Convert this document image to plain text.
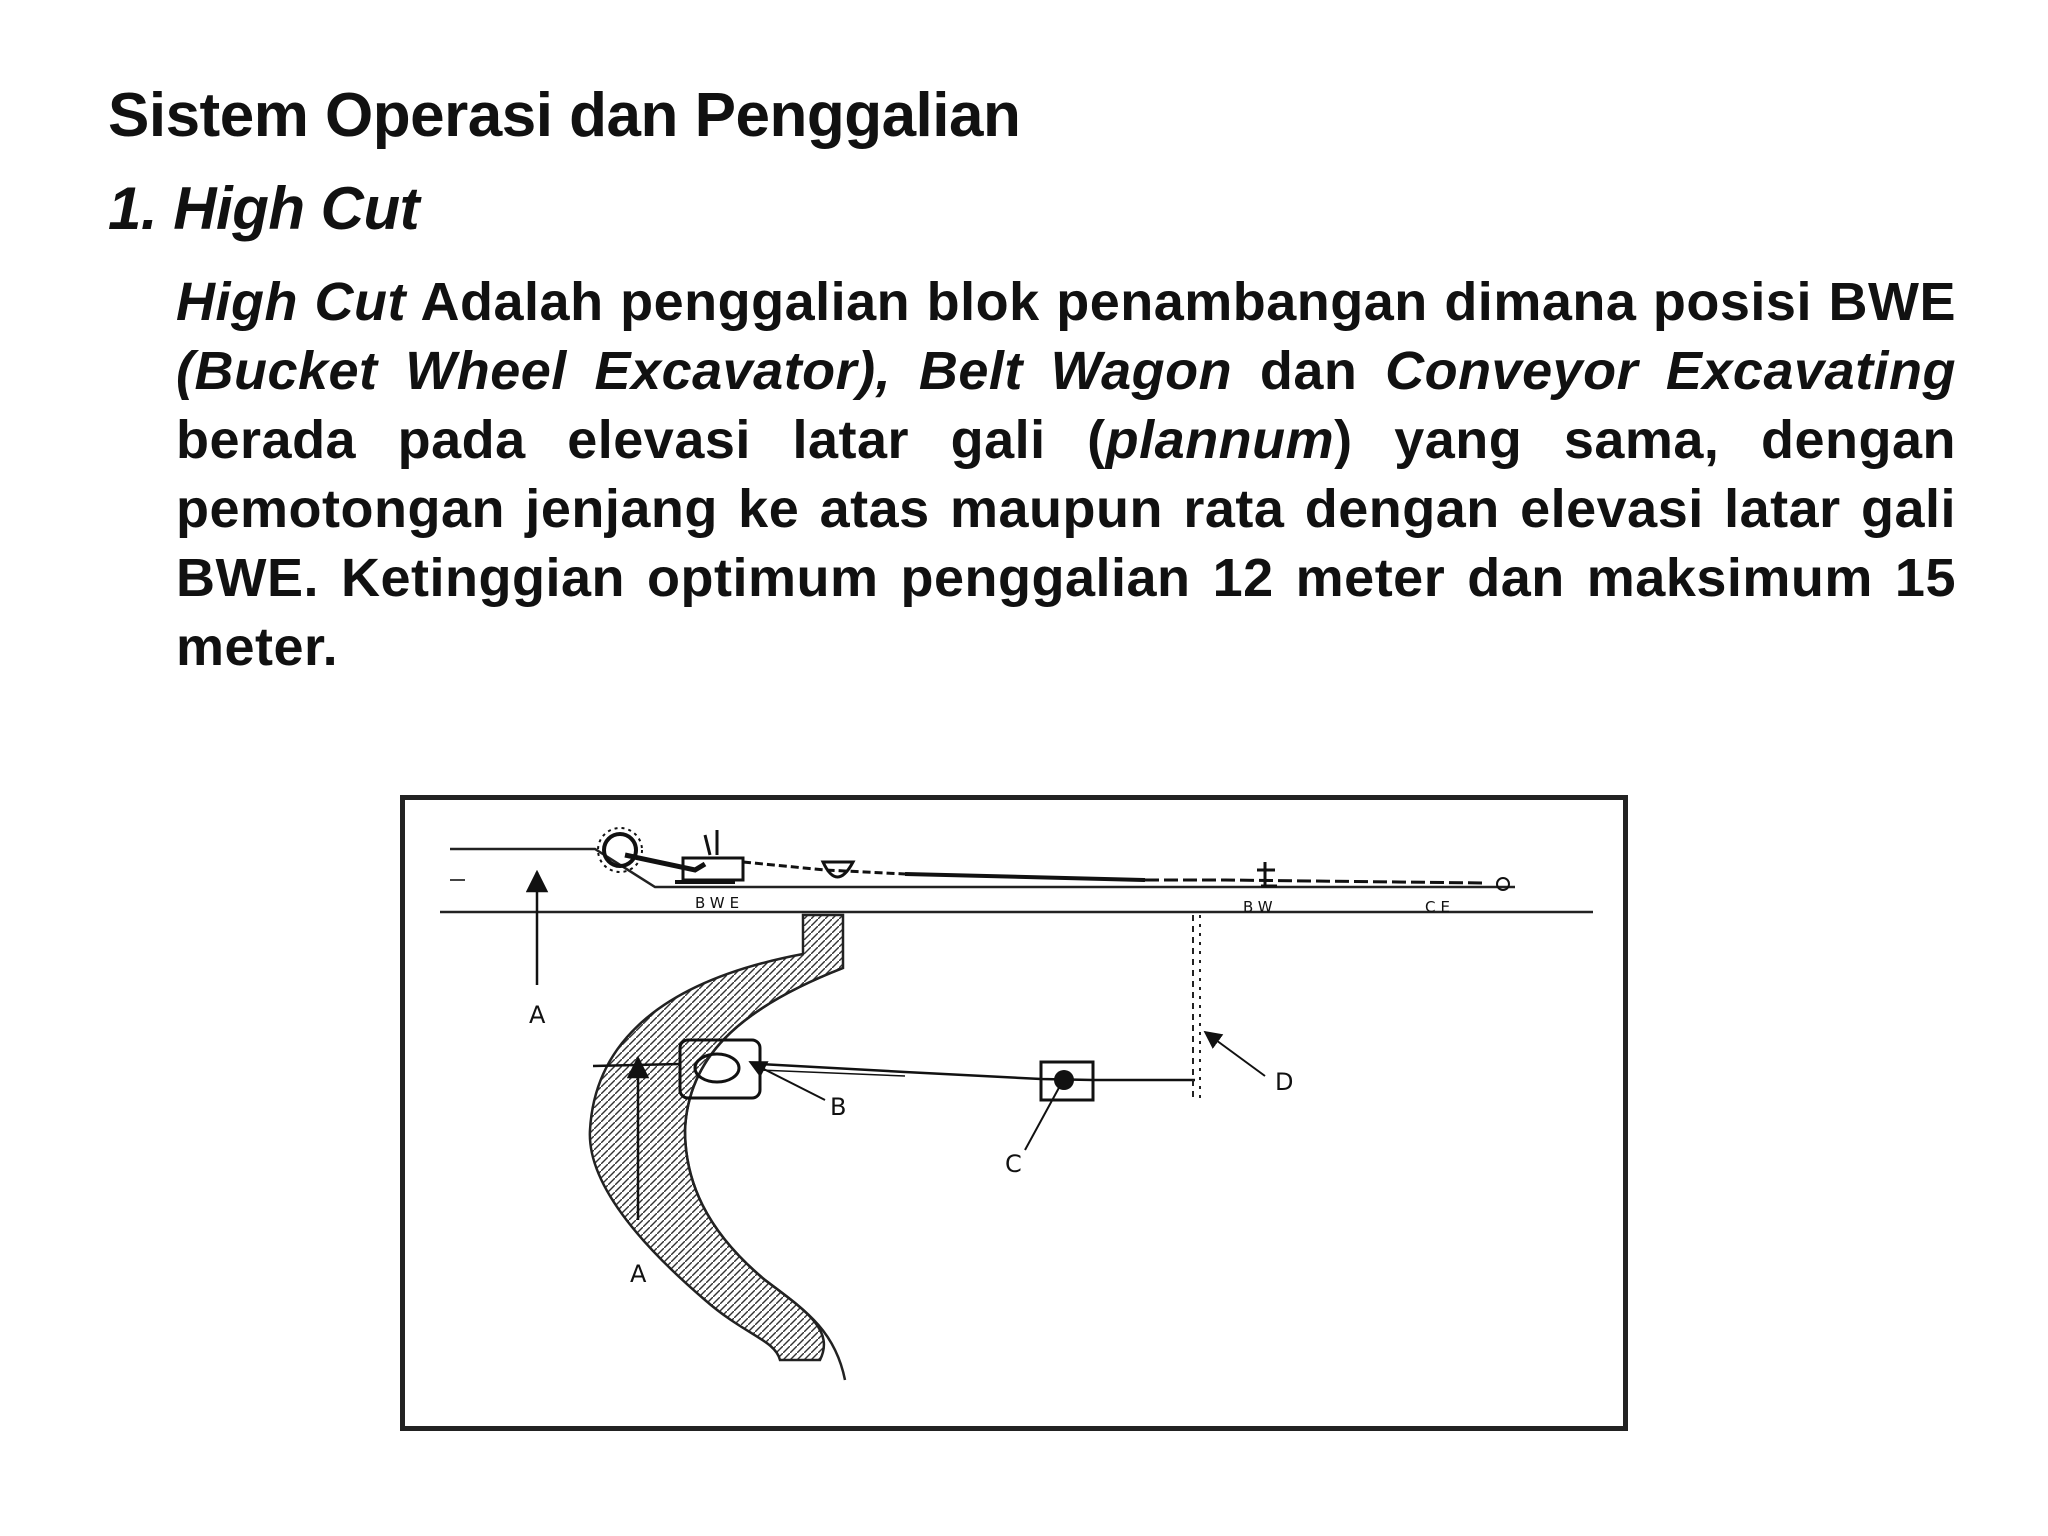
Sistem Operasi dan Penggalian
1. High Cut
High Cut Adalah penggalian blok penambangan dimana posisi BWE (Bucket Wheel Excavator), Belt Wagon dan Conveyor Excavating berada pada elevasi latar gali (plannum) yang sama, dengan pemotongan jenjang ke atas maupun rata dengan elevasi latar gali BWE. Ketinggian optimum penggalian 12 meter dan maksimum 15 meter.
BWE	BW	CE
A
A
B
C
D
